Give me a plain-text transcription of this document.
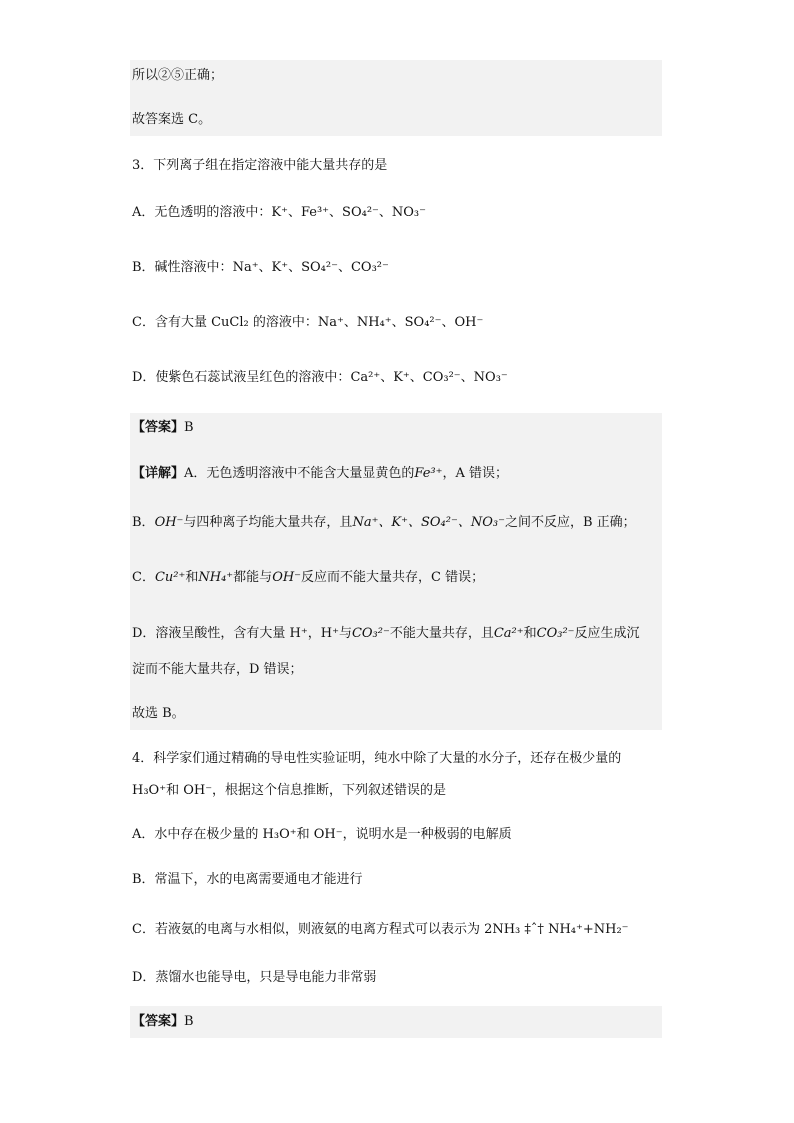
所以②⑤正确；
故答案选 C。
3．下列离子组在指定溶液中能大量共存的是
A．无色透明的溶液中：K⁺、Fe³⁺、SO₄²⁻、NO₃⁻
B．碱性溶液中：Na⁺、K⁺、SO₄²⁻、CO₃²⁻
C．含有大量 CuCl₂ 的溶液中：Na⁺、NH₄⁺、SO₄²⁻、OH⁻
D．使紫色石蕊试液呈红色的溶液中：Ca²⁺、K⁺、CO₃²⁻、NO₃⁻
【答案】B
【详解】A．无色透明溶液中不能含大量显黄色的Fe³⁺，A 错误；
B．OH⁻与四种离子均能大量共存，且Na⁺、K⁺、SO₄²⁻、NO₃⁻之间不反应，B 正确；
C．Cu²⁺和NH₄⁺都能与OH⁻反应而不能大量共存，C 错误；
D．溶液呈酸性，含有大量 H⁺，H⁺与CO₃²⁻不能大量共存，且Ca²⁺和CO₃²⁻反应生成沉
淀而不能大量共存，D 错误；
故选 B。
4．科学家们通过精确的导电性实验证明，纯水中除了大量的水分子，还存在极少量的
H₃O⁺和 OH⁻，根据这个信息推断，下列叙述错误的是
A．水中存在极少量的 H₃O⁺和 OH⁻，说明水是一种极弱的电解质
B．常温下，水的电离需要通电才能进行
C．若液氨的电离与水相似，则液氨的电离方程式可以表示为 2NH₃ ‡ˆ† NH₄⁺+NH₂⁻
D．蒸馏水也能导电，只是导电能力非常弱
【答案】B
